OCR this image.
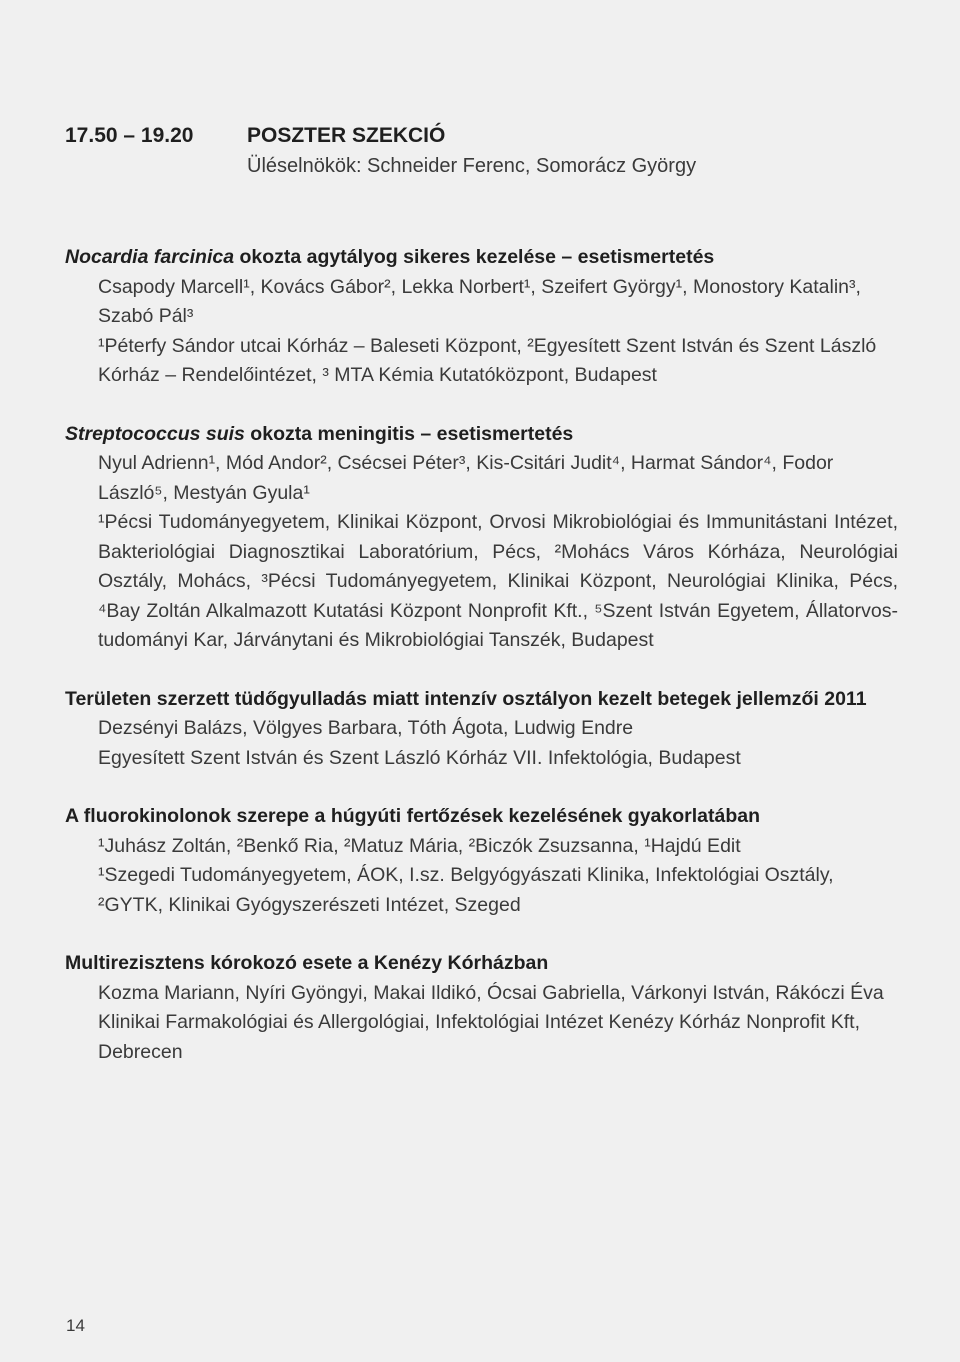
17.50 – 19.20	POSZTER SZEKCIÓ
Üléselnökök: Schneider Ferenc, Somorácz György

Nocardia farcinica okozta agytályog sikeres kezelése – esetismertetés

Csapody Marcell¹, Kovács Gábor², Lekka Norbert¹, Szeifert György¹, Monostory Katalin³, Szabó Pál³

¹Péterfy Sándor utcai Kórház – Baleseti Központ, ²Egyesített Szent István és Szent László Kórház – Rendelőintézet, ³ MTA Kémia Kutatóközpont, Budapest

Streptococcus suis okozta meningitis – esetismertetés

Nyul Adrienn¹, Mód Andor², Csécsei Péter³, Kis-Csitári Judit⁴, Harmat Sándor⁴, Fodor László⁵, Mestyán Gyula¹

¹Pécsi Tudományegyetem, Klinikai Központ, Orvosi Mikrobiológiai és Immunitástani Intézet, Bakteriológiai Diagnosztikai Laboratórium, Pécs, ²Mohács Város Kórháza, Neurológiai Osztály, Mohács, ³Pécsi Tudományegyetem, Klinikai Központ, Neurológiai Klinika, Pécs, ⁴Bay Zoltán Alkalmazott Kutatási Központ Nonprofit Kft., ⁵Szent István Egyetem, Állatorvos-tudományi Kar, Járványtani és Mikrobiológiai Tanszék, Budapest

Területen szerzett tüdőgyulladás miatt intenzív osztályon kezelt betegek jellemzői 2011

Dezsényi Balázs, Völgyes Barbara, Tóth Ágota, Ludwig Endre

Egyesített Szent István és Szent László Kórház VII. Infektológia, Budapest

A fluorokinolonok szerepe a húgyúti fertőzések kezelésének gyakorlatában

¹Juhász Zoltán, ²Benkő Ria, ²Matuz Mária, ²Biczók Zsuzsanna, ¹Hajdú Edit

¹Szegedi Tudományegyetem, ÁOK, I.sz. Belgyógyászati Klinika, Infektológiai Osztály, ²GYTK, Klinikai Gyógyszerészeti Intézet, Szeged

Multirezisztens kórokozó esete a Kenézy Kórházban

Kozma Mariann, Nyíri Gyöngyi, Makai Ildikó, Ócsai Gabriella, Várkonyi István, Rákóczi Éva

Klinikai Farmakológiai és Allergológiai, Infektológiai Intézet Kenézy Kórház Nonprofit Kft, Debrecen

14
